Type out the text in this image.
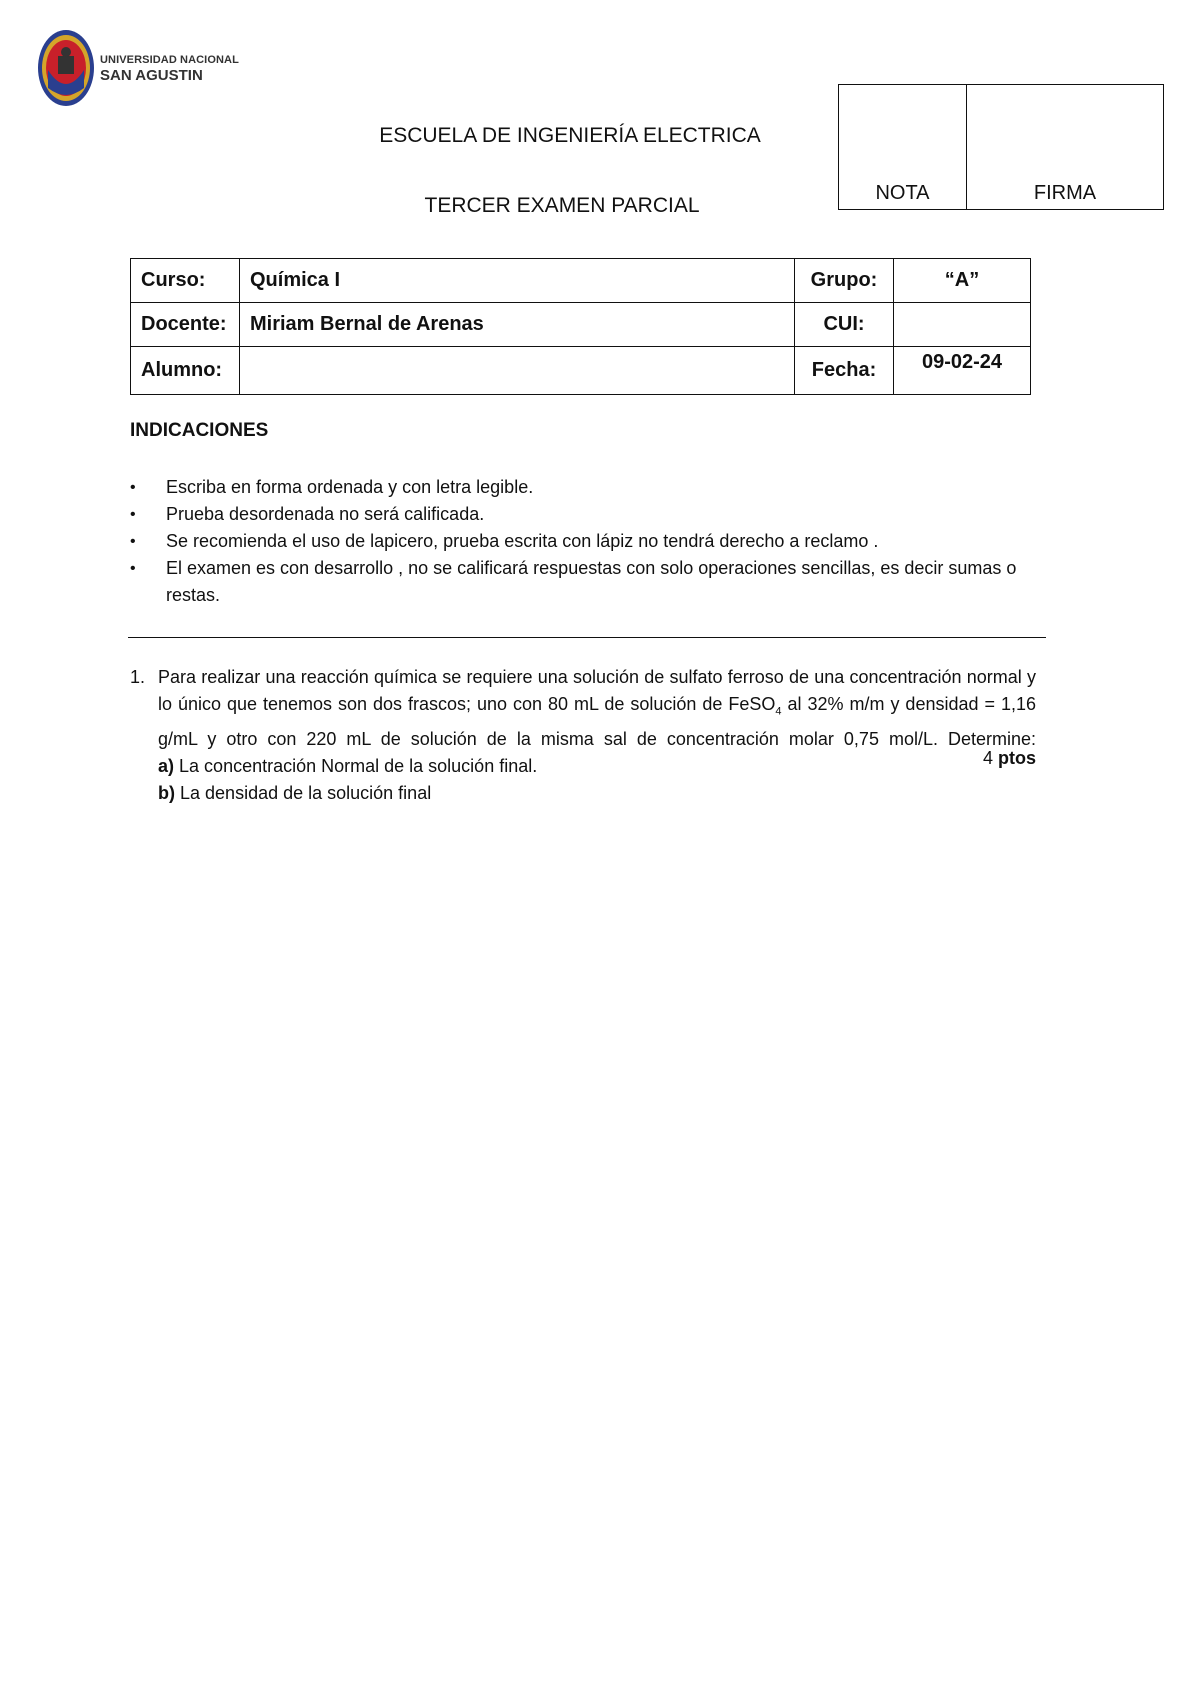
UNIVERSIDAD NACIONAL
SAN AGUSTIN
ESCUELA DE INGENIERÍA ELECTRICA
TERCER EXAMEN PARCIAL
NOTA	FIRMA
Curso:	Química I	Grupo:	“A”
Docente:	Miriam Bernal de Arenas	CUI:	
Alumno:		Fecha:	09-02-24
INDICACIONES
• Escriba en forma ordenada y con letra legible.
• Prueba desordenada no será calificada.
• Se recomienda el uso de lapicero, prueba escrita con lápiz no tendrá derecho a reclamo .
• El examen es con desarrollo , no se calificará respuestas con solo operaciones sencillas, es decir sumas o restas.
1. Para realizar una reacción química se requiere una solución de sulfato ferroso de una concentración normal y lo único que tenemos son dos frascos; uno con 80 mL de solución de FeSO$_4$ al 32% m/m y densidad = 1,16 g/mL y otro con 220 mL de solución de la misma sal de concentración molar 0,75 mol/L. Determine:
4 ptos
a) La concentración Normal de la solución final.
b) La densidad de la solución final
